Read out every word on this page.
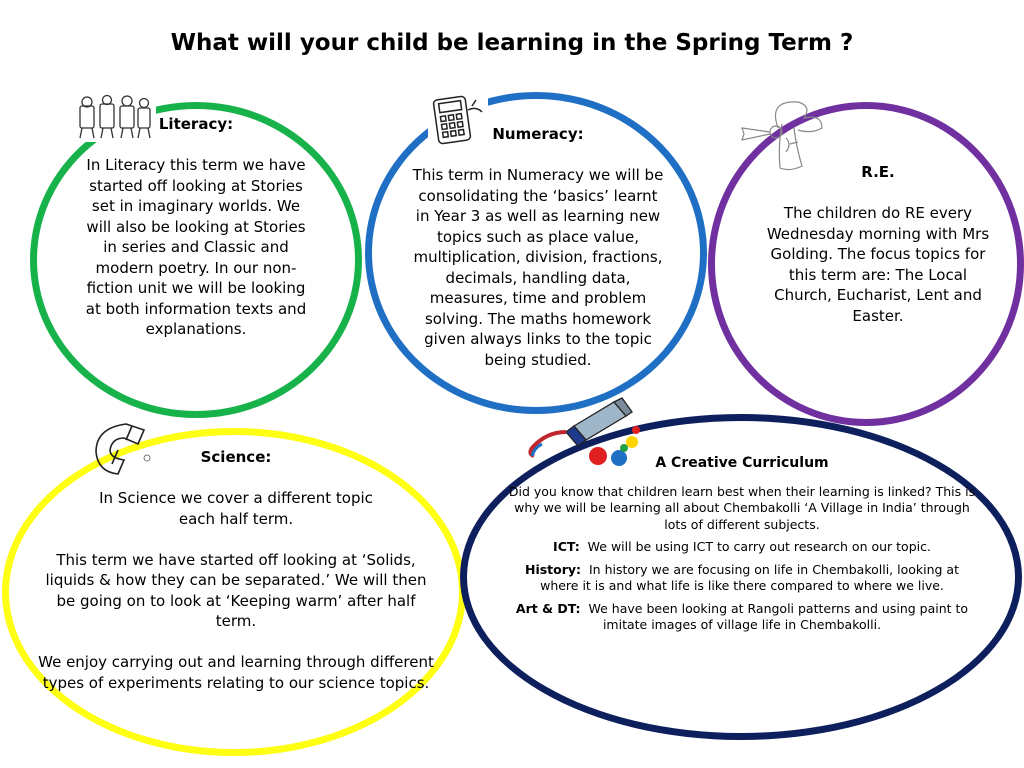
What will your child be learning in the Spring Term ?
Literacy:
In Literacy this term we have started off looking at Stories set in imaginary worlds. We will also be looking at Stories in series and Classic and modern poetry. In our non-fiction unit we will be looking at both information texts and explanations.
Numeracy:
This term in Numeracy we will be consolidating the ‘basics’ learnt in Year 3 as well as learning new topics such as place value, multiplication, division, fractions, decimals, handling data, measures, time and problem solving. The maths homework given always links to the topic being studied.
R.E.
The children do RE every Wednesday morning with Mrs Golding. The focus topics for this term are: The Local Church, Eucharist, Lent and Easter.
Science:
In Science we cover a different topic each half term.
This term we have started off looking at ‘Solids, liquids & how they can be separated.’ We will then be going on to look at ‘Keeping warm’ after half term.
We enjoy carrying out and learning through different types of experiments relating to our science topics.
A Creative Curriculum

Did you know that children learn best when their learning is linked? This is why we will be learning all about Chembakolli ‘A Village in India’ through lots of different subjects.

ICT: We will be using ICT to carry out research on our topic.

History: In history we are focusing on life in Chembakolli, looking at where it is and what life is like there compared to where we live.

Art & DT: We have been looking at Rangoli patterns and using paint to imitate images of village life in Chembakolli.
